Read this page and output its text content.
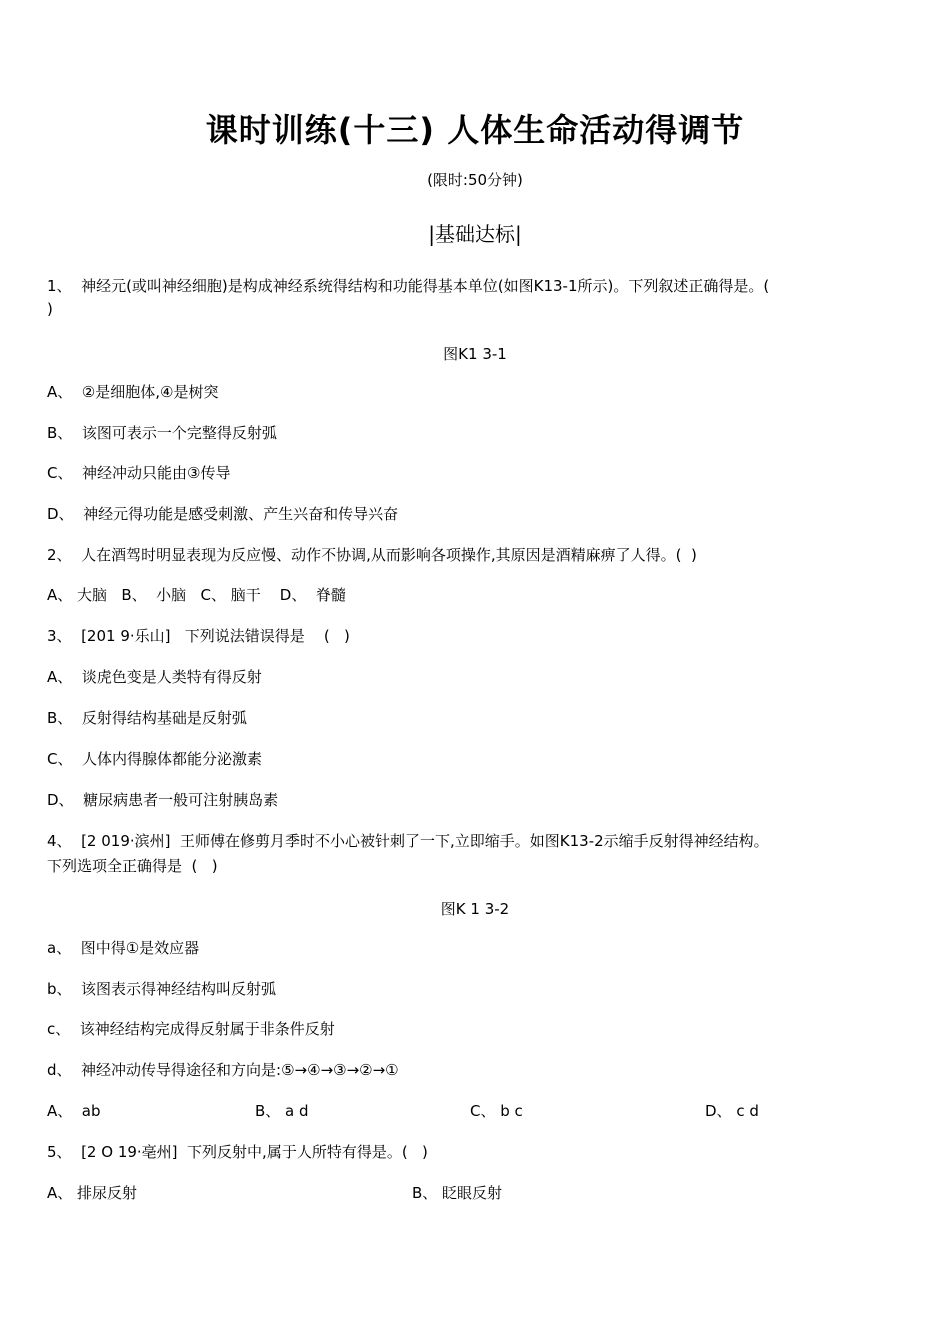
课时训练(十三) 人体生命活动得调节
(限时:50分钟)
|基础达标|
1、  神经元(或叫神经细胞)是构成神经系统得结构和功能得基本单位(如图K13-1所示)。下列叙述正确得是。(
)
图K1 3-1
A、  ②是细胞体,④是树突
B、  该图可表示一个完整得反射弧
C、  神经冲动只能由③传导
D、  神经元得功能是感受刺激、产生兴奋和传导兴奋
2、  人在酒驾时明显表现为反应慢、动作不协调,从而影响各项操作,其原因是酒精麻痹了人得。(  )
A、 大脑   B、  小脑   C、 脑干    D、  脊髓
3、  [201 9·乐山]   下列说法错误得是    (   )
A、  谈虎色变是人类特有得反射
B、  反射得结构基础是反射弧
C、  人体内得腺体都能分泌激素
D、  糖尿病患者一般可注射胰岛素
4、  [2 019·滨州]  王师傅在修剪月季时不小心被针刺了一下,立即缩手。如图K13-2示缩手反射得神经结构。
下列选项全正确得是  (   )
图K 1 3-2
a、  图中得①是效应器
b、  该图表示得神经结构叫反射弧
c、  该神经结构完成得反射属于非条件反射
d、  神经冲动传导得途径和方向是:⑤→④→③→②→①
A、  ab	B、 a d	C、 b c	D、 c d
5、  [2 O 19·亳州]  下列反射中,属于人所特有得是。(   )
A、 排尿反射	B、 眨眼反射
